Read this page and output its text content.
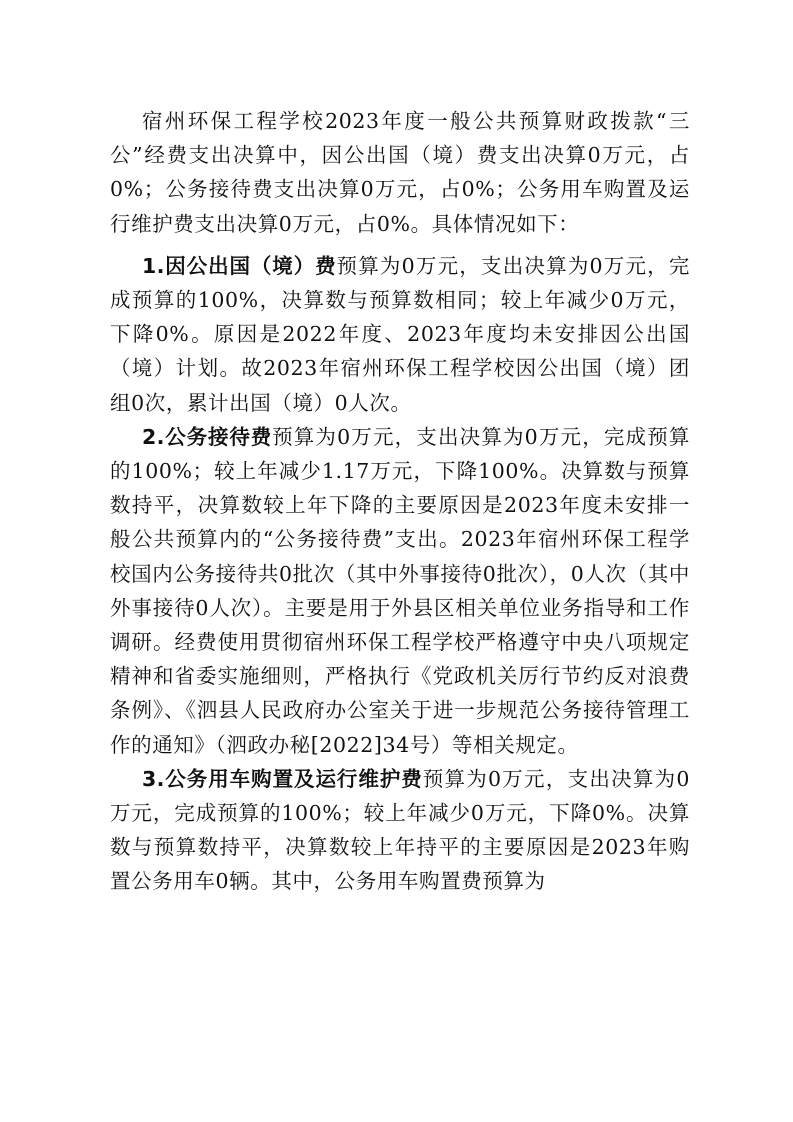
宿州环保工程学校2023年度一般公共预算财政拨款“三公”经费支出决算中，因公出国（境）费支出决算0万元，占0%；公务接待费支出决算0万元，占0%；公务用车购置及运行维护费支出决算0万元，占0%。具体情况如下：

1.因公出国（境）费预算为0万元，支出决算为0万元，完成预算的100%，决算数与预算数相同；较上年减少0万元，下降0%。原因是2022年度、2023年度均未安排因公出国（境）计划。故2023年宿州环保工程学校因公出国（境）团组0次，累计出国（境）0人次。

2.公务接待费预算为0万元，支出决算为0万元，完成预算的100%；较上年减少1.17万元，下降100%。决算数与预算数持平，决算数较上年下降的主要原因是2023年度未安排一般公共预算内的“公务接待费”支出。2023年宿州环保工程学校国内公务接待共0批次（其中外事接待0批次），0人次（其中外事接待0人次）。主要是用于外县区相关单位业务指导和工作调研。经费使用贯彻宿州环保工程学校严格遵守中央八项规定精神和省委实施细则，严格执行《党政机关厉行节约反对浪费条例》、《泗县人民政府办公室关于进一步规范公务接待管理工作的通知》（泗政办秘[2022]34号）等相关规定。

3.公务用车购置及运行维护费预算为0万元，支出决算为0万元，完成预算的100%；较上年减少0万元，下降0%。决算数与预算数持平，决算数较上年持平的主要原因是2023年购置公务用车0辆。其中，公务用车购置费预算为
